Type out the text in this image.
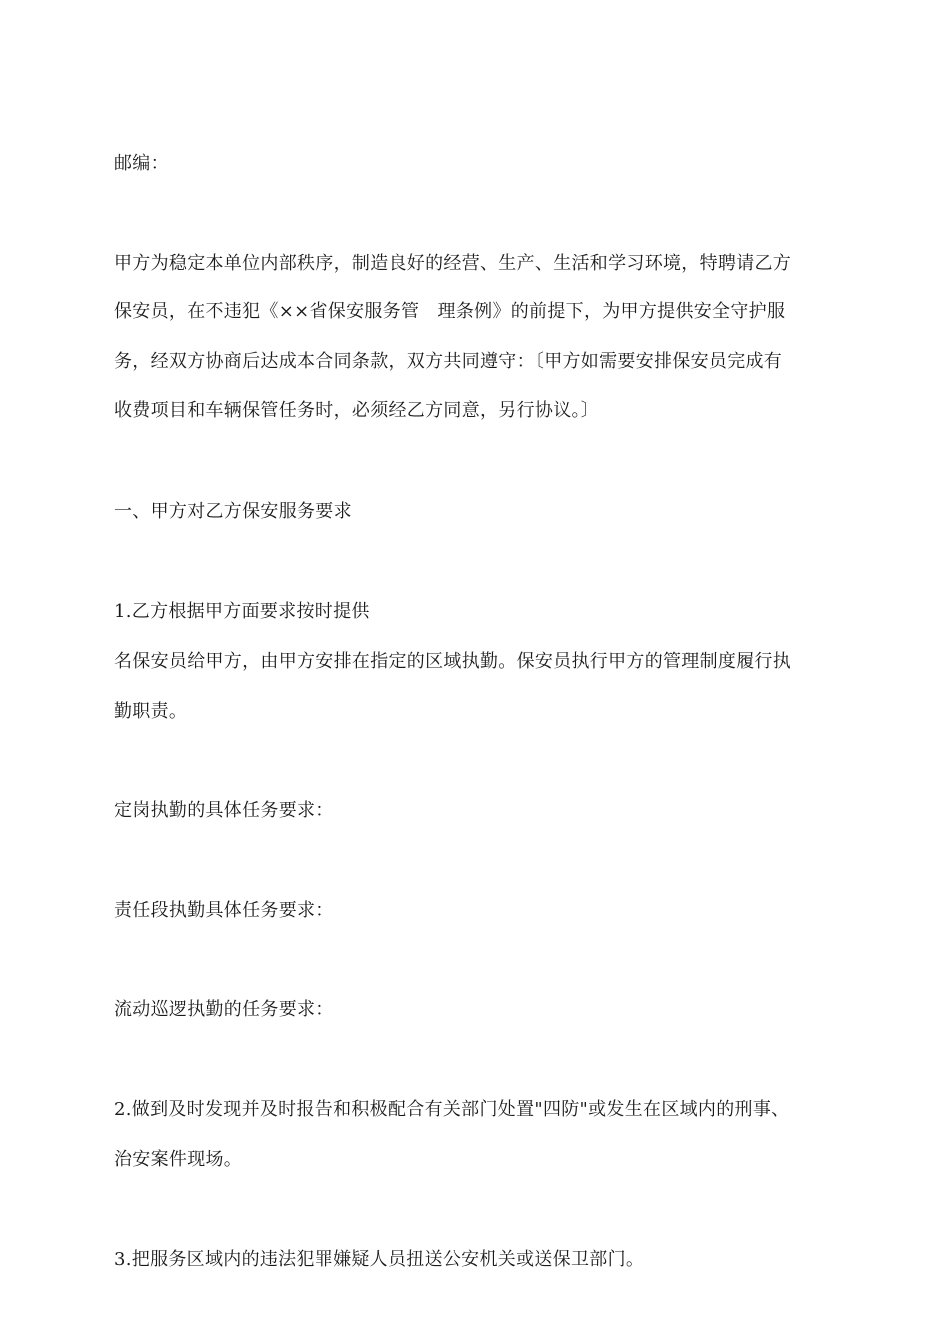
邮编：
甲方为稳定本单位内部秩序，制造良好的经营、生产、生活和学习环境，特聘请乙方
保安员，在不违犯《××省保安服务管　理条例》的前提下，为甲方提供安全守护服
务，经双方协商后达成本合同条款，双方共同遵守：〔甲方如需要安排保安员完成有
收费项目和车辆保管任务时，必须经乙方同意，另行协议。〕
一、甲方对乙方保安服务要求
1.乙方根据甲方面要求按时提供
名保安员给甲方，由甲方安排在指定的区域执勤。保安员执行甲方的管理制度履行执
勤职责。
定岗执勤的具体任务要求：
责任段执勤具体任务要求：
流动巡逻执勤的任务要求：
2.做到及时发现并及时报告和积极配合有关部门处置"四防"或发生在区域内的刑事、
治安案件现场。
3.把服务区域内的违法犯罪嫌疑人员扭送公安机关或送保卫部门。
